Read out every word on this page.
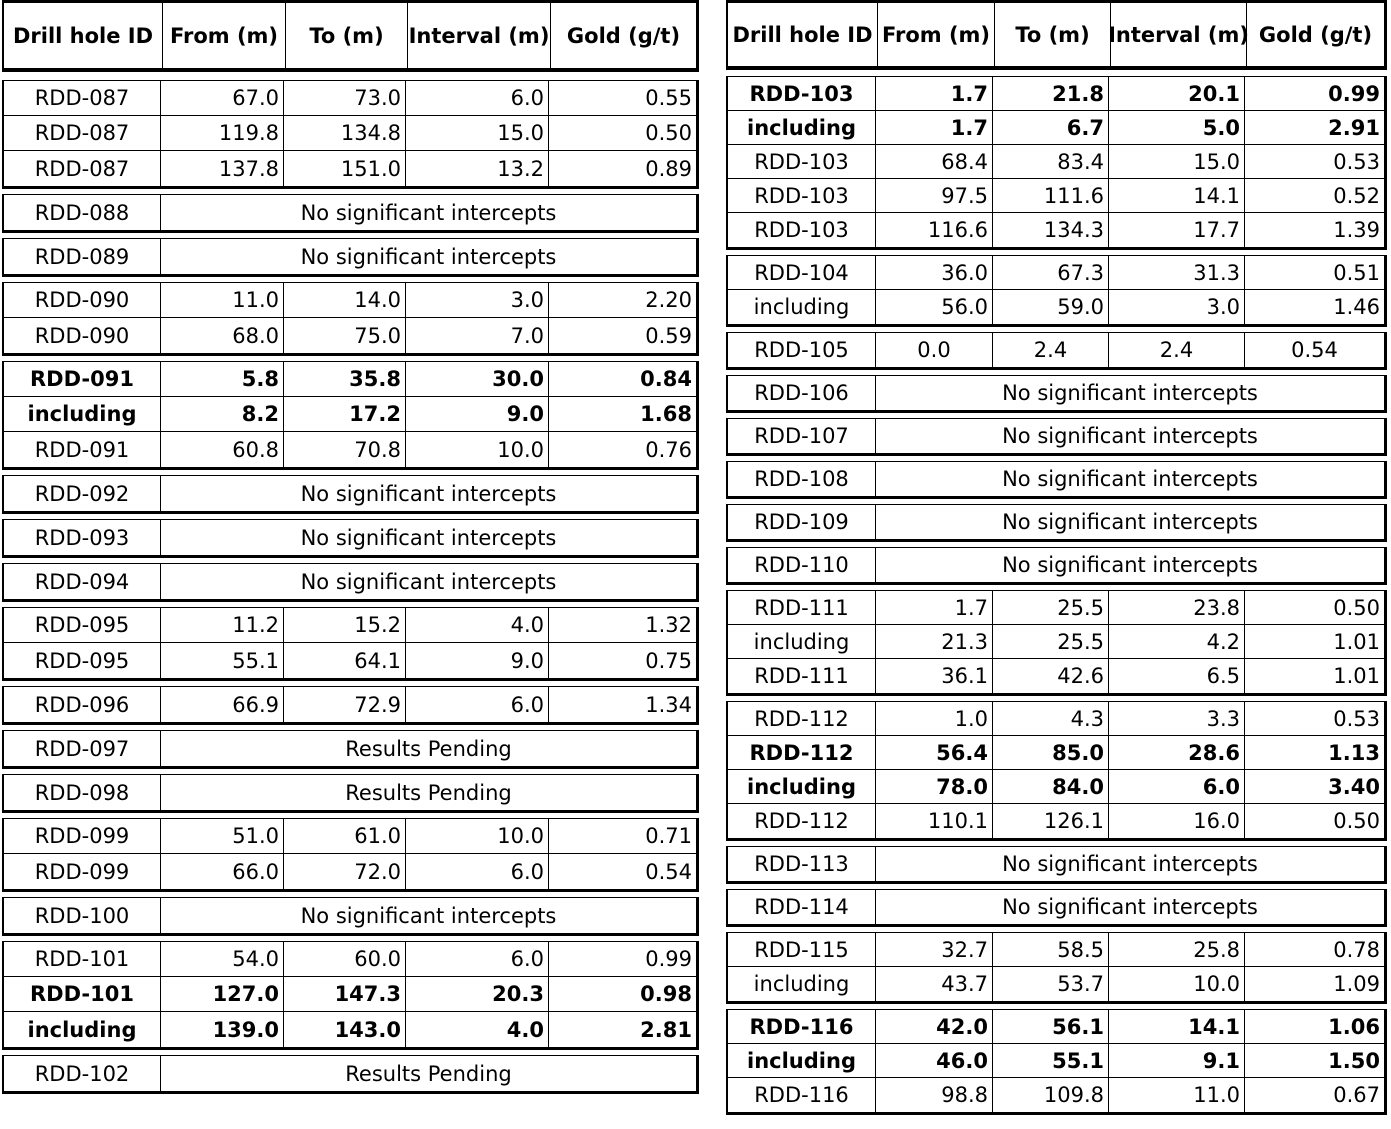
Drill hole ID From (m)	To (m)	Interval (m) Gold (g/t)
RDD-087	67.0	73.0	6.0	0.55
RDD-087	119.8	134.8	15.0	0.50
RDD-087	137.8	151.0	13.2	0.89
RDD-088	No significant intercepts
RDD-089	No significant intercepts
RDD-090	11.0	14.0	3.0	2.20
RDD-090	68.0	75.0	7.0	0.59
RDD-091	5.8	35.8	30.0	0.84
including	8.2	17.2	9.0	1.68
RDD-091	60.8	70.8	10.0	0.76
RDD-092	No significant intercepts
RDD-093	No significant intercepts
RDD-094	No significant intercepts
RDD-095	11.2	15.2	4.0	1.32
RDD-095	55.1	64.1	9.0	0.75
RDD-096	66.9	72.9	6.0	1.34
RDD-097	Results Pending
RDD-098	Results Pending
RDD-099	51.0	61.0	10.0	0.71
RDD-099	66.0	72.0	6.0	0.54
RDD-100	No significant intercepts
RDD-101	54.0	60.0	6.0	0.99
RDD-101	127.0	147.3	20.3	0.98
including	139.0	143.0	4.0	2.81
RDD-102	Results Pending
Drill hole ID From (m)	To (m) Interval (m) Gold (g/t)
RDD-103	1.7	21.8	20.1	0.99
including	1.7	6.7	5.0	2.91
RDD-103	68.4	83.4	15.0	0.53
RDD-103	97.5	111.6	14.1	0.52
RDD-103	116.6	134.3	17.7	1.39
RDD-104	36.0	67.3	31.3	0.51
including	56.0	59.0	3.0	1.46
RDD-105	0.0	2.4	2.4	0.54
RDD-106	No significant intercepts
RDD-107	No significant intercepts
RDD-108	No significant intercepts
RDD-109	No significant intercepts
RDD-110	No significant intercepts
RDD-111	1.7	25.5	23.8	0.50
including	21.3	25.5	4.2	1.01
RDD-111	36.1	42.6	6.5	1.01
RDD-112	1.0	4.3	3.3	0.53
RDD-112	56.4	85.0	28.6	1.13
including	78.0	84.0	6.0	3.40
RDD-112	110.1	126.1	16.0	0.50
RDD-113	No significant intercepts
RDD-114	No significant intercepts
RDD-115	32.7	58.5	25.8	0.78
including	43.7	53.7	10.0	1.09
RDD-116	42.0	56.1	14.1	1.06
including	46.0	55.1	9.1	1.50
RDD-116	98.8	109.8	11.0	0.67
